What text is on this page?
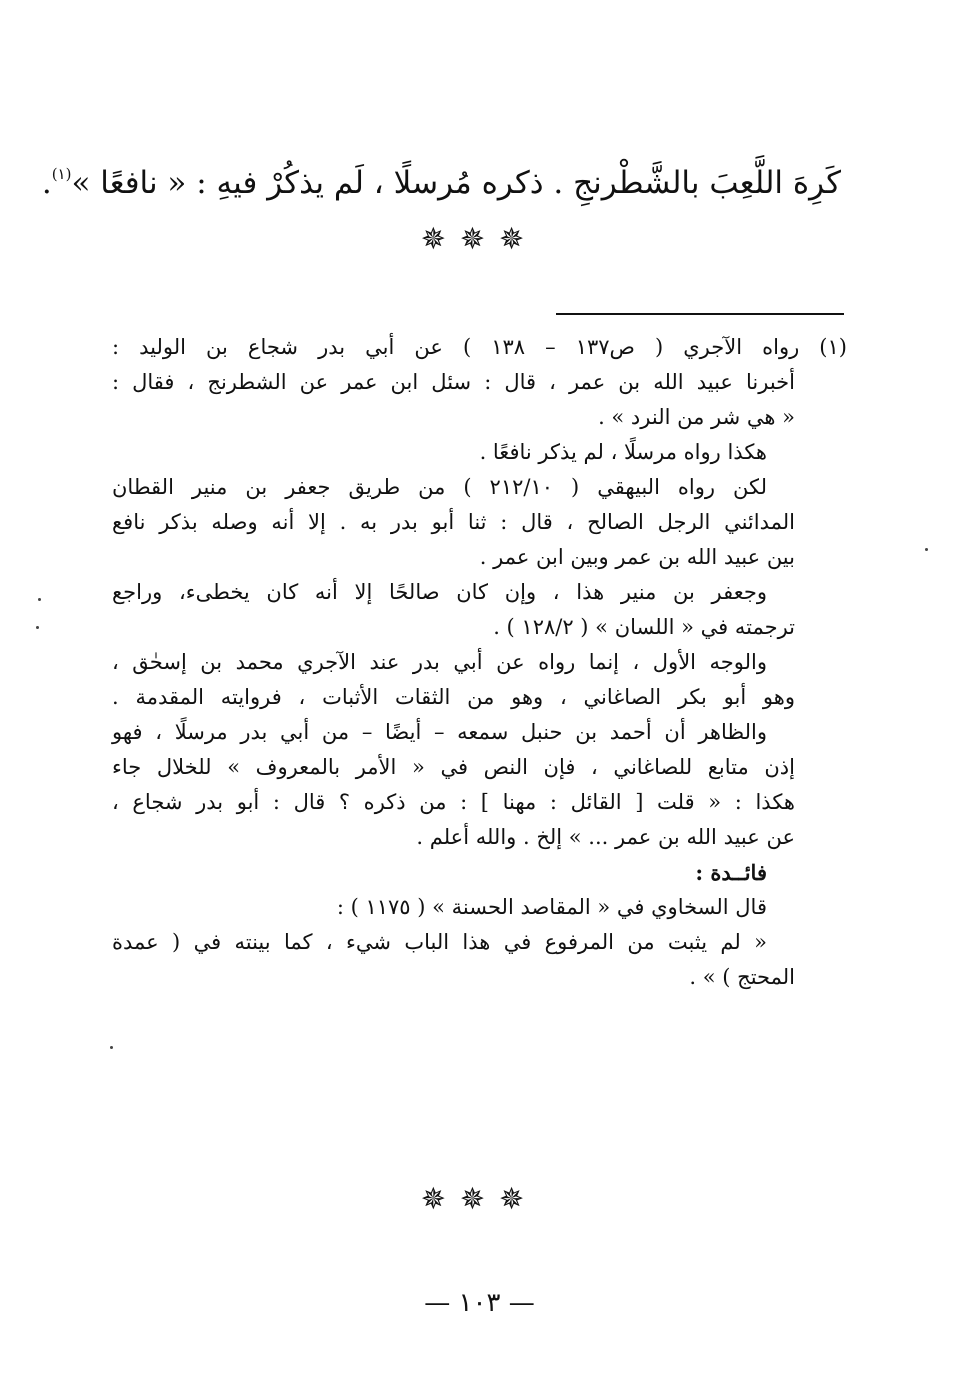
كَرِهَ اللَّعِبَ بالشَّطْرنجِ . ذكره مُرسلًا ، لَم يذكُرْ فيهِ : « نافعًا »$^{(١)}$.
✵✵✵

(١) رواه الآجري ( ص١٣٧ – ١٣٨ ) عن أبي بدر شجاع بن الوليد :

أخبرنا عبيد الله بن عمر ، قال : سئل ابن عمر عن الشطرنج ، فقال :

« هي شر من النرد » .

هكذا رواه مرسلًا ، لم يذكر نافعًا .

لكن رواه البيهقي ( ٢١٢/١٠ ) من طريق جعفر بن منير القطان

المدائني الرجل الصالح ، قال : ثنا أبو بدر به . إلا أنه وصله بذكر نافع

بين عبيد الله بن عمر وبين ابن عمر .

وجعفر بن منير هذا ، وإن كان صالحًا إلا أنه كان يخطىء، وراجع

ترجمته في « اللسان » ( ١٢٨/٢ ) .

والوجه الأول ، إنما رواه عن أبي بدر عند الآجري محمد بن إسحٰق ،

وهو أبو بكر الصاغاني ، وهو من الثقات الأثبات ، فروايته المقدمة .

والظاهر أن أحمد بن حنبل سمعه – أيضًا – من أبي بدر مرسلًا ، فهو

إذن متابع للصاغاني ، فإن النص في « الأمر بالمعروف » للخلال جاء

هكذا : « قلت [ القائل : مهنا ] : من ذكره ؟ قال : أبو بدر شجاع ،

عن عبيد الله بن عمر ... » إلخ . والله أعلم .

فائــدة :

قال السخاوي في « المقاصد الحسنة » ( ١١٧٥ ) :

« لم يثبت من المرفوع في هذا الباب شيء ، كما بينته في ( عمدة

المحتج ) » .

✵✵✵
— ١٠٣ —
